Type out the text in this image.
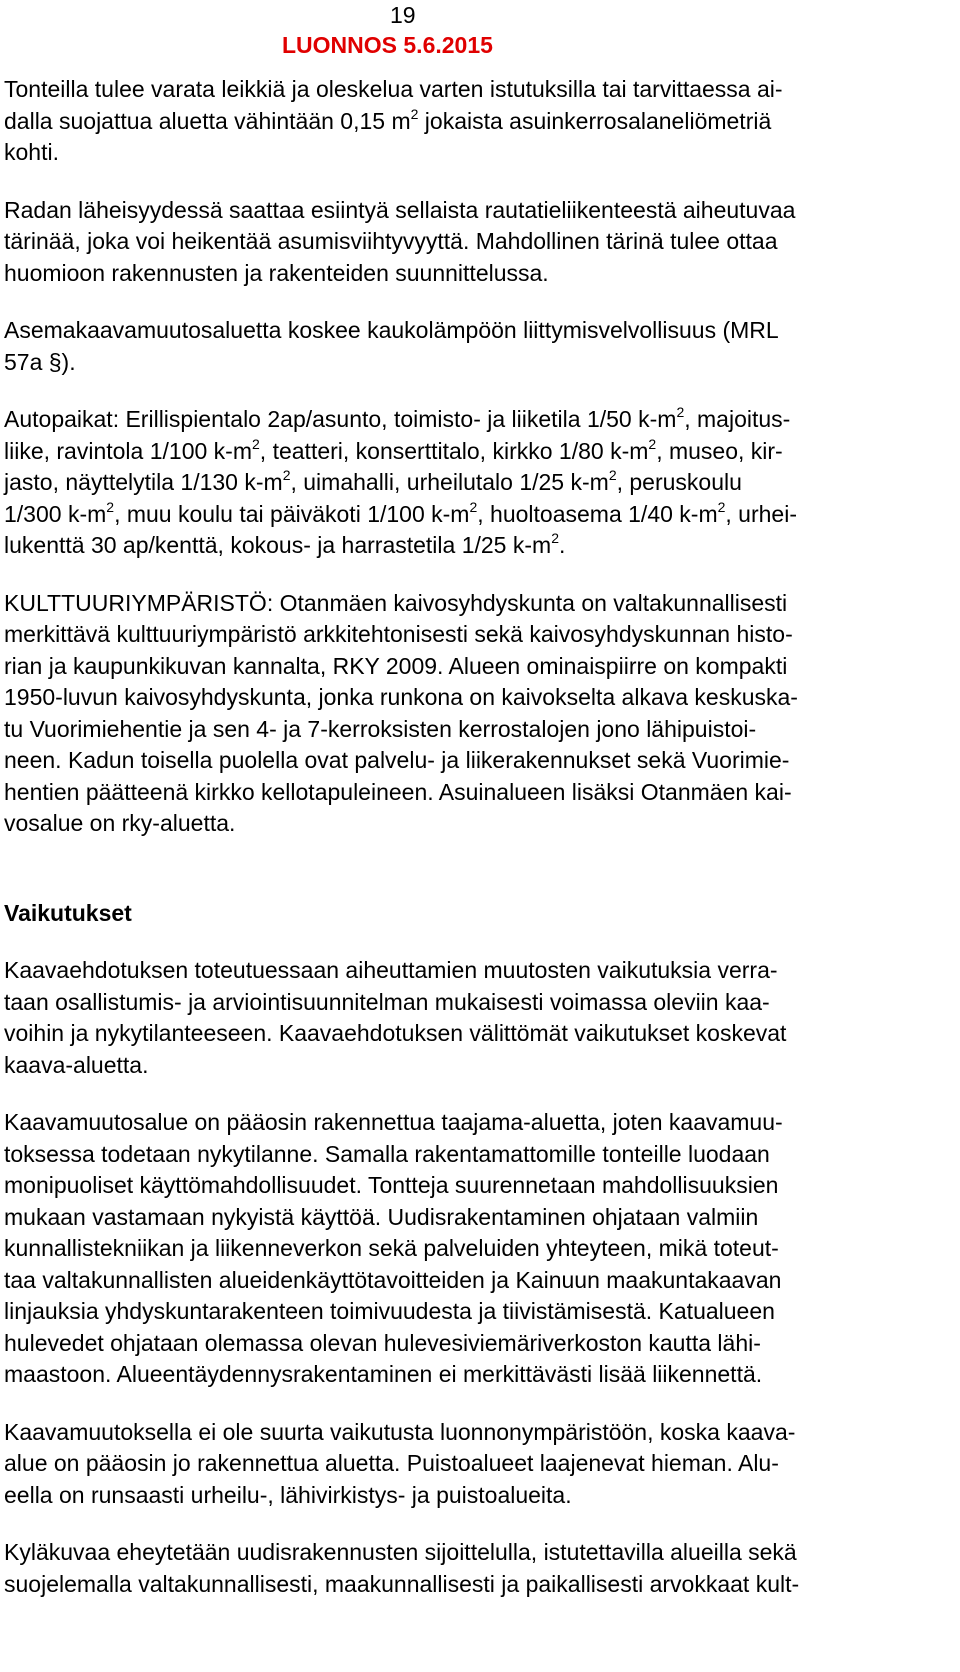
19
LUONNOS 5.6.2015
Tonteilla tulee varata leikkiä ja oleskelua varten istutuksilla tai tarvittaessa ai-
dalla suojattua aluetta vähintään 0,15 $m^2$ jokaista asuinkerrosalaneliömetriä
kohti.
Radan läheisyydessä saattaa esiintyä sellaista rautatieliikenteestä aiheutuvaa
tärinää, joka voi heikentää asumisviihtyvyyttä. Mahdollinen tärinä tulee ottaa
huomioon rakennusten ja rakenteiden suunnittelussa.
Asemakaavamuutosaluetta koskee kaukolämpöön liittymisvelvollisuus (MRL
57a §).
Autopaikat: Erillispientalo 2ap/asunto, toimisto- ja liiketila 1/50 $k-m^2$, majoitus-
liike, ravintola 1/100 $k-m^2$, teatteri, konserttitalo, kirkko 1/80 $k-m^2$, museo, kir-
jasto, näyttelytila 1/130 $k-m^2$, uimahalli, urheilutalo 1/25 $k-m^2$, peruskoulu
1/300 $k-m^2$, muu koulu tai päiväkoti 1/100 $k-m^2$, huoltoasema 1/40 $k-m^2$, urhei-
lukenttä 30 ap/kenttä, kokous- ja harrastetila 1/25 $k-m^2$.
KULTTUURIYMPÄRISTÖ: Otanmäen kaivosyhdyskunta on valtakunnallisesti
merkittävä kulttuuriympäristö arkkitehtonisesti sekä kaivosyhdyskunnan histo-
rian ja kaupunkikuvan kannalta, RKY 2009. Alueen ominaispiirre on kompakti
1950-luvun kaivosyhdyskunta, jonka runkona on kaivokselta alkava keskuska-
tu Vuorimiehentie ja sen 4- ja 7-kerroksisten kerrostalojen jono lähipuistoi-
neen. Kadun toisella puolella ovat palvelu- ja liikerakennukset sekä Vuorimie-
hentien päätteenä kirkko kellotapuleineen. Asuinalueen lisäksi Otanmäen kai-
vosalue on rky-aluetta.
Vaikutukset
Kaavaehdotuksen toteutuessaan aiheuttamien muutosten vaikutuksia verra-
taan osallistumis- ja arviointisuunnitelman mukaisesti voimassa oleviin kaa-
voihin ja nykytilanteeseen. Kaavaehdotuksen välittömät vaikutukset koskevat
kaava-aluetta.
Kaavamuutosalue on pääosin rakennettua taajama-aluetta, joten kaavamuu-
toksessa todetaan nykytilanne. Samalla rakentamattomille tonteille luodaan
monipuoliset käyttömahdollisuudet. Tontteja suurennetaan mahdollisuuksien
mukaan vastamaan nykyistä käyttöä. Uudisrakentaminen ohjataan valmiin
kunnallistekniikan ja liikenneverkon sekä palveluiden yhteyteen, mikä toteut-
taa valtakunnallisten alueidenkäyttötavoitteiden ja Kainuun maakuntakaavan
linjauksia yhdyskuntarakenteen toimivuudesta ja tiivistämisestä. Katualueen
hulevedet ohjataan olemassa olevan hulevesiviemäriverkoston kautta lähi-
maastoon. Alueentäydennysrakentaminen ei merkittävästi lisää liikennettä.
Kaavamuutoksella ei ole suurta vaikutusta luonnonympäristöön, koska kaava-
alue on pääosin jo rakennettua aluetta. Puistoalueet laajenevat hieman. Alu-
eella on runsaasti urheilu-, lähivirkistys- ja puistoalueita.
Kyläkuvaa eheytetään uudisrakennusten sijoittelulla, istutettavilla alueilla sekä
suojelemalla valtakunnallisesti, maakunnallisesti ja paikallisesti arvokkaat kult-
